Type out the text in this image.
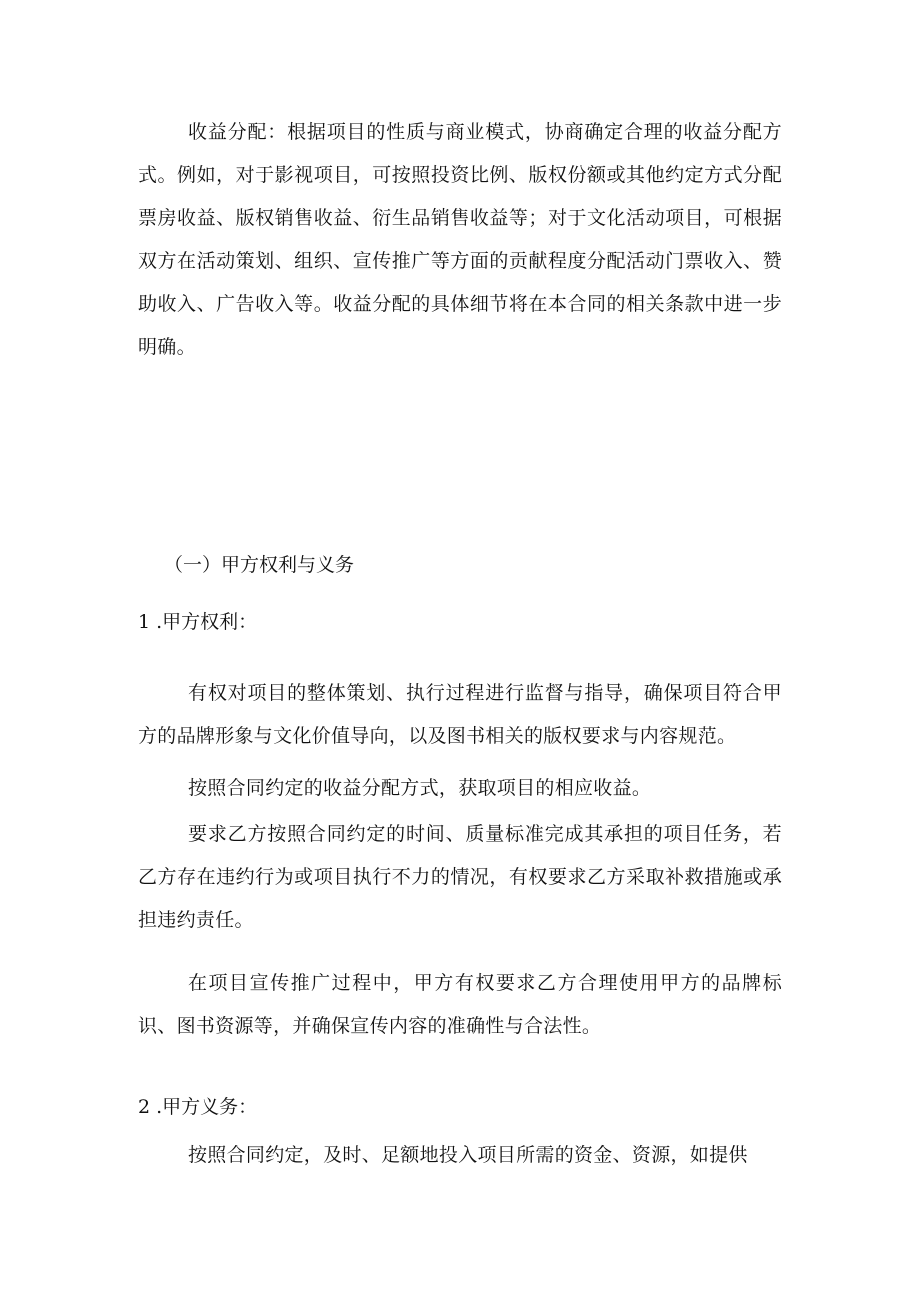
收益分配：根据项目的性质与商业模式，协商确定合理的收益分配方式。例如，对于影视项目，可按照投资比例、版权份额或其他约定方式分配票房收益、版权销售收益、衍生品销售收益等；对于文化活动项目，可根据双方在活动策划、组织、宣传推广等方面的贡献程度分配活动门票收入、赞助收入、广告收入等。收益分配的具体细节将在本合同的相关条款中进一步明确。

（一）甲方权利与义务

1 .甲方权利：

有权对项目的整体策划、执行过程进行监督与指导，确保项目符合甲方的品牌形象与文化价值导向，以及图书相关的版权要求与内容规范。

按照合同约定的收益分配方式，获取项目的相应收益。

要求乙方按照合同约定的时间、质量标准完成其承担的项目任务，若乙方存在违约行为或项目执行不力的情况，有权要求乙方采取补救措施或承担违约责任。

在项目宣传推广过程中，甲方有权要求乙方合理使用甲方的品牌标识、图书资源等，并确保宣传内容的准确性与合法性。

2 .甲方义务：

按照合同约定，及时、足额地投入项目所需的资金、资源，如提供
